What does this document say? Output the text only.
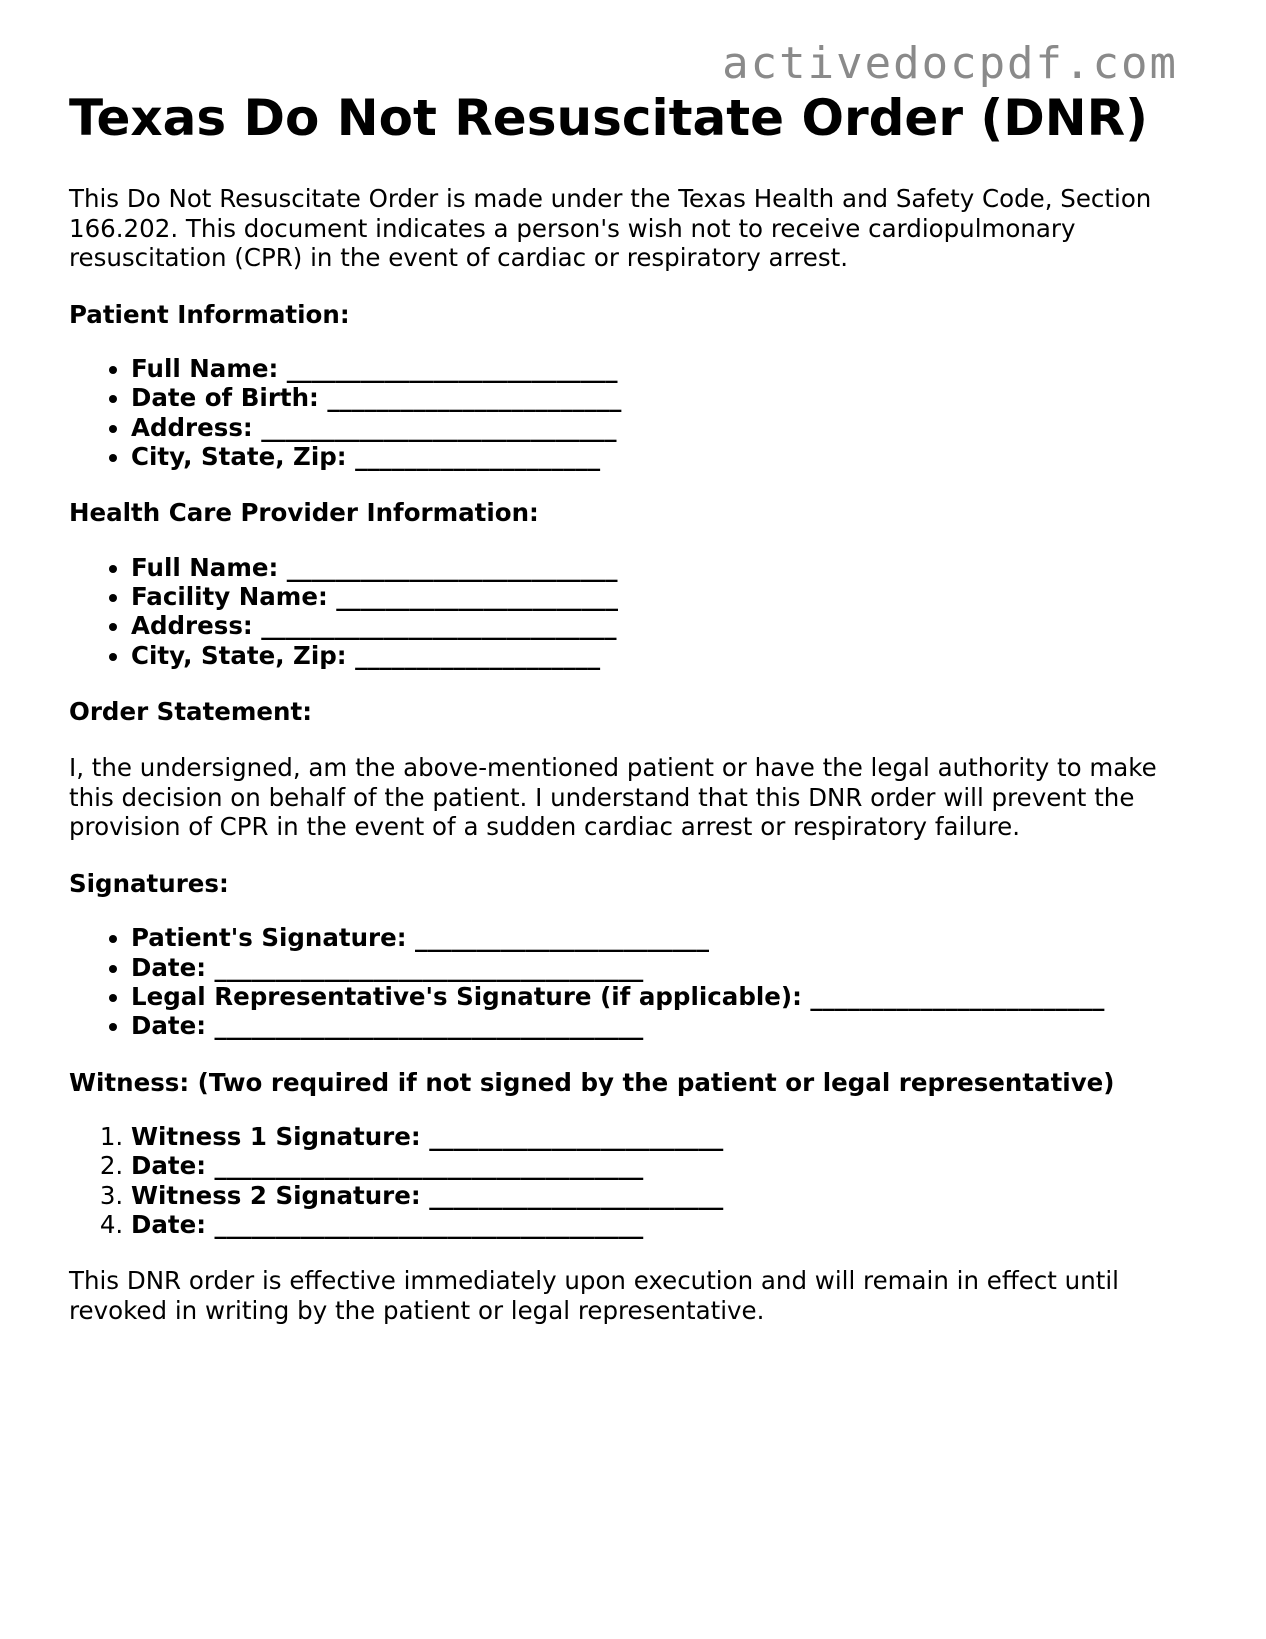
activedocpdf.com
Texas Do Not Resuscitate Order (DNR)

This Do Not Resuscitate Order is made under the Texas Health and Safety Code, Section 166.202. This document indicates a person's wish not to receive cardiopulmonary resuscitation (CPR) in the event of cardiac or respiratory arrest.

Patient Information:
• Full Name: ___________________________
• Date of Birth: ________________________
• Address: _____________________________
• City, State, Zip: ____________________
Health Care Provider Information:
• Full Name: ___________________________
• Facility Name: _______________________
• Address: _____________________________
• City, State, Zip: ____________________
Order Statement:

I, the undersigned, am the above-mentioned patient or have the legal authority to make this decision on behalf of the patient. I understand that this DNR order will prevent the provision of CPR in the event of a sudden cardiac arrest or respiratory failure.

Signatures:
• Patient's Signature: ________________________
• Date: ___________________________________
• Legal Representative's Signature (if applicable): ________________________
• Date: ___________________________________
Witness: (Two required if not signed by the patient or legal representative)
1. Witness 1 Signature: ________________________
2. Date: ___________________________________
3. Witness 2 Signature: ________________________
4. Date: ___________________________________

This DNR order is effective immediately upon execution and will remain in effect until revoked in writing by the patient or legal representative.
